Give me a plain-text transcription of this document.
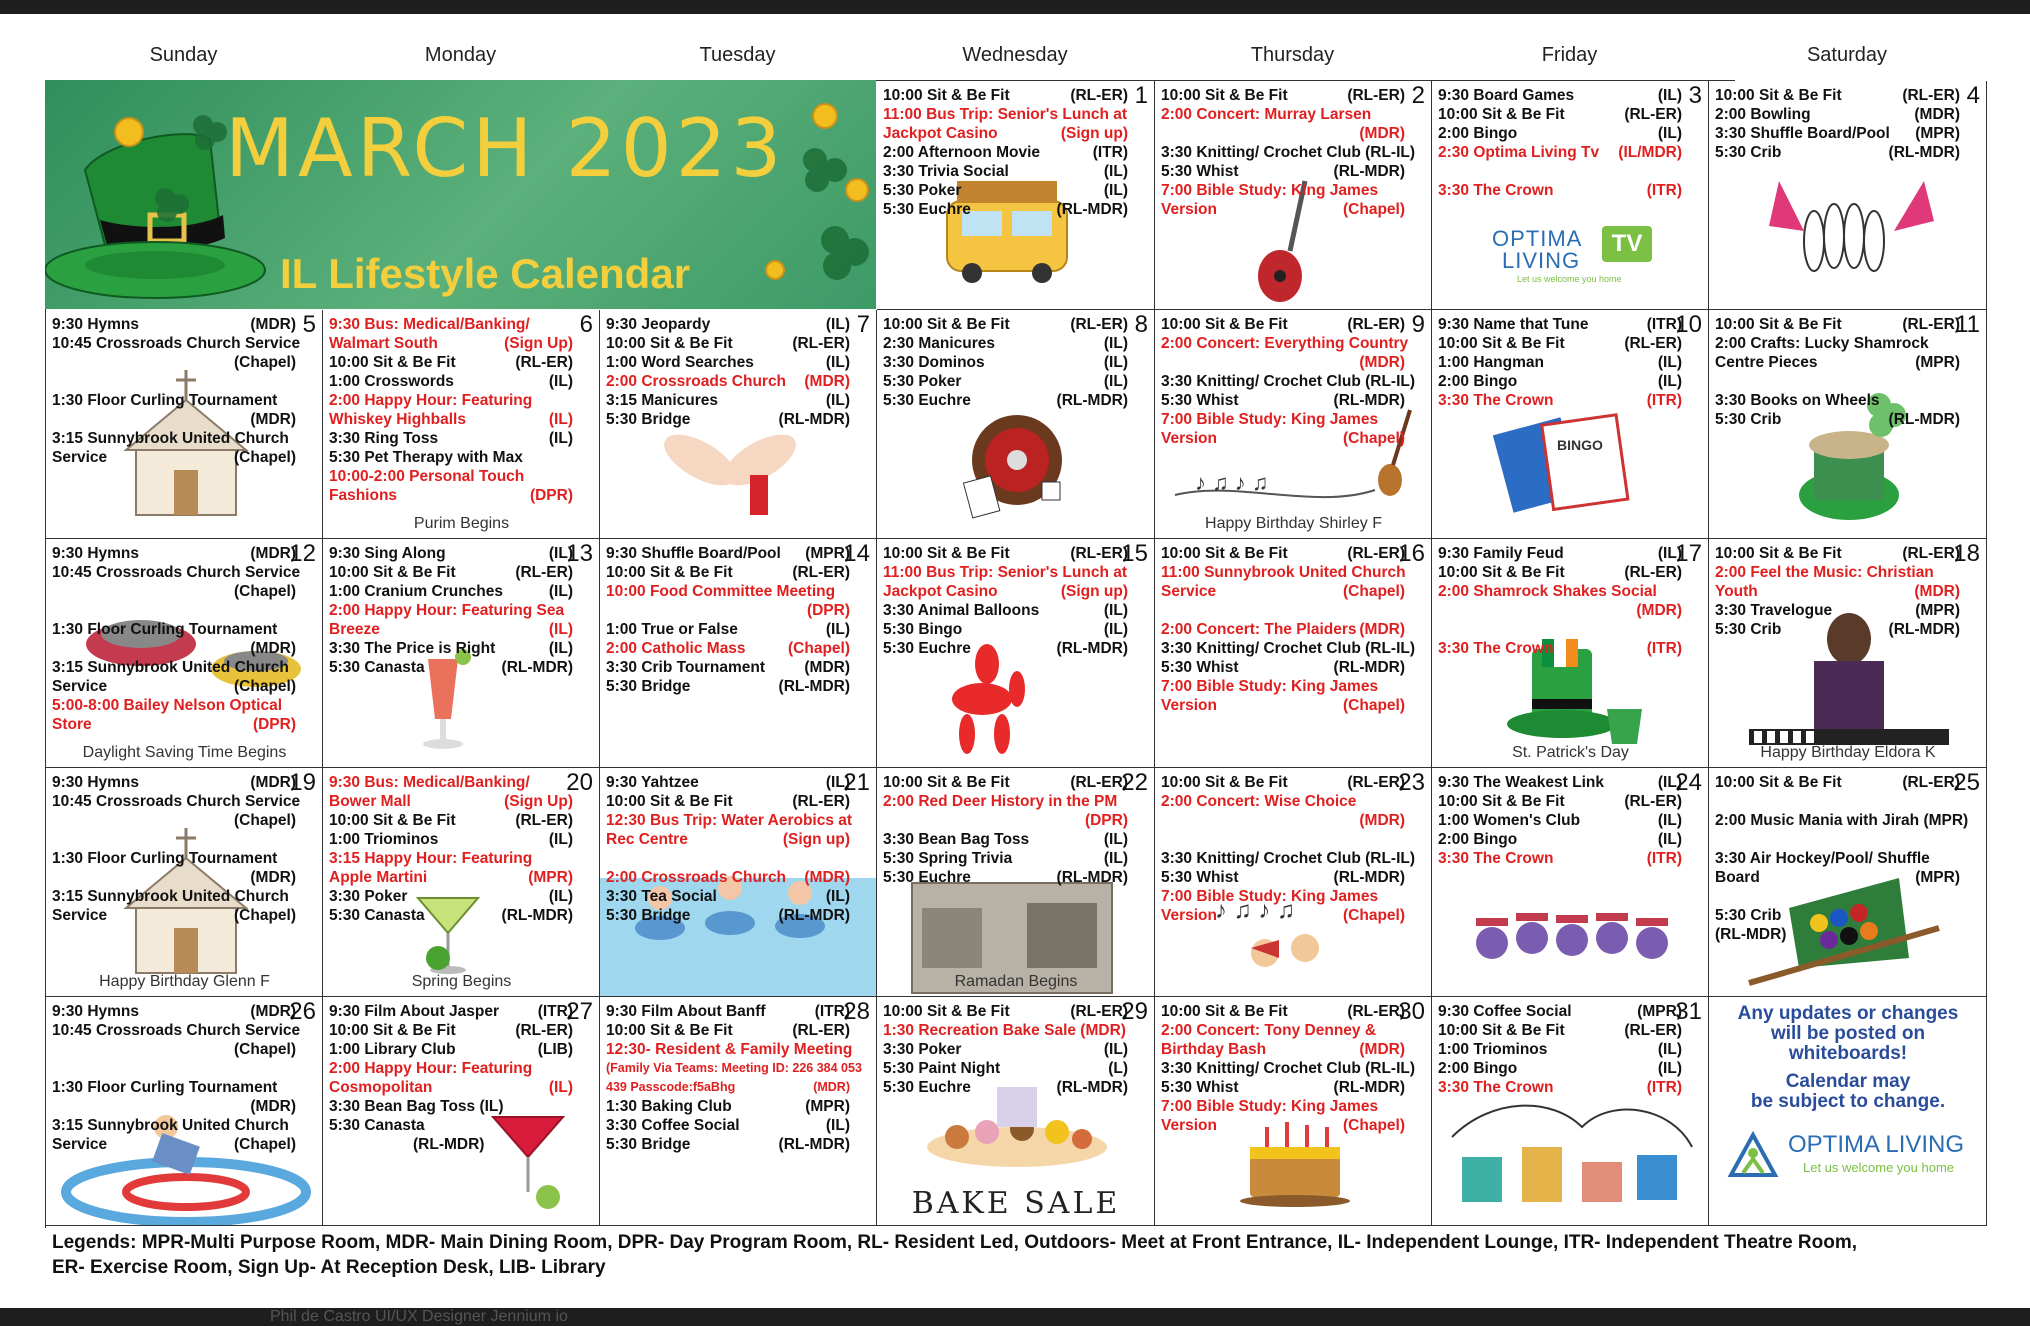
Sunday	Monday	Tuesday	Wednesday	Thursday	Friday	Saturday
1
10:00 Sit & Be Fit	(RL-ER)
11:00 Bus Trip: Senior's Lunch at
Jackpot Casino	(Sign up)
2:00 Afternoon Movie	(ITR)
3:30 Trivia Social	(IL)
5:30 Poker	(IL)
5:30 Euchre	(RL-MDR)
2
10:00 Sit & Be Fit	(RL-ER)
2:00 Concert: Murray Larsen
(MDR)
3:30 Knitting/ Crochet Club (RL-IL)
5:30 Whist	(RL-MDR)
7:00 Bible Study: King James
Version	(Chapel)
3
9:30 Board Games	(IL)
10:00 Sit & Be Fit	(RL-ER)
2:00 Bingo	(IL)
2:30 Optima Living Tv	(IL/MDR)
3:30 The Crown	(ITR)
OPTIMA
LIVING
TV
Let us welcome you home
4
10:00 Sit & Be Fit	(RL-ER)
2:00 Bowling	(MDR)
3:30 Shuffle Board/Pool	(MPR)
5:30 Crib	(RL-MDR)
5
9:30 Hymns	(MDR)
10:45 Crossroads Church Service
(Chapel)
1:30 Floor Curling Tournament
(MDR)
3:15 Sunnybrook United Church
Service	(Chapel)
6
9:30 Bus: Medical/Banking/
Walmart South	(Sign Up)
10:00 Sit & Be Fit	(RL-ER)
1:00 Crosswords	(IL)
2:00 Happy Hour: Featuring
Whiskey Highballs	(IL)
3:30 Ring Toss	(IL)
5:30 Pet Therapy with Max
10:00-2:00 Personal Touch
Fashions	(DPR)
Purim Begins
7
9:30 Jeopardy	(IL)
10:00 Sit & Be Fit	(RL-ER)
1:00 Word Searches	(IL)
2:00 Crossroads Church	(MDR)
3:15 Manicures	(IL)
5:30 Bridge	(RL-MDR)
8
10:00 Sit & Be Fit	(RL-ER)
2:30 Manicures	(IL)
3:30 Dominos	(IL)
5:30 Poker	(IL)
5:30 Euchre	(RL-MDR)
♪ ♫ ♪ ♫
9
10:00 Sit & Be Fit	(RL-ER)
2:00 Concert: Everything Country
(MDR)
3:30 Knitting/ Crochet Club (RL-IL)
5:30 Whist	(RL-MDR)
7:00 Bible Study: King James
Version	(Chapel)
Happy Birthday Shirley F
BINGO
10
9:30 Name that Tune	(ITR)
10:00 Sit & Be Fit	(RL-ER)
1:00 Hangman	(IL)
2:00 Bingo	(IL)
3:30 The Crown	(ITR)
11
10:00 Sit & Be Fit	(RL-ER)
2:00 Crafts: Lucky Shamrock
Centre Pieces	(MPR)
3:30 Books on Wheels
5:30 Crib	(RL-MDR)
12
9:30 Hymns	(MDR)
10:45 Crossroads Church Service
(Chapel)
1:30 Floor Curling Tournament
(MDR)
3:15 Sunnybrook United Church
Service	(Chapel)
5:00-8:00 Bailey Nelson Optical
Store	(DPR)
Daylight Saving Time Begins
13
9:30 Sing Along	(IL)
10:00 Sit & Be Fit	(RL-ER)
1:00 Cranium Crunches	(IL)
2:00 Happy Hour: Featuring Sea
Breeze	(IL)
3:30 The Price is Right	(IL)
5:30 Canasta	(RL-MDR)
14
9:30 Shuffle Board/Pool	(MPR)
10:00 Sit & Be Fit	(RL-ER)
10:00 Food Committee Meeting
(DPR)
1:00 True or False	(IL)
2:00 Catholic Mass	(Chapel)
3:30 Crib Tournament	(MDR)
5:30 Bridge	(RL-MDR)
15
10:00 Sit & Be Fit	(RL-ER)
11:00 Bus Trip: Senior's Lunch at
Jackpot Casino	(Sign up)
3:30 Animal Balloons	(IL)
5:30 Bingo	(IL)
5:30 Euchre	(RL-MDR)
16
10:00 Sit & Be Fit	(RL-ER)
11:00 Sunnybrook United Church
Service	(Chapel)
2:00 Concert: The Plaiders (MDR)
3:30 Knitting/ Crochet Club (RL-IL)
5:30 Whist	(RL-MDR)
7:00 Bible Study: King James
Version	(Chapel)
17
9:30 Family Feud	(IL)
10:00 Sit & Be Fit	(RL-ER)
2:00 Shamrock Shakes Social
(MDR)
3:30 The Crown	(ITR)
St. Patrick's Day
18
10:00 Sit & Be Fit	(RL-ER)
2:00 Feel the Music: Christian
Youth	(MDR)
3:30 Travelogue	(MPR)
5:30 Crib	(RL-MDR)
Happy Birthday Eldora K
19
9:30 Hymns	(MDR)
10:45 Crossroads Church Service
(Chapel)
1:30 Floor Curling Tournament
(MDR)
3:15 Sunnybrook United Church
Service	(Chapel)
Happy Birthday Glenn F
20
9:30 Bus: Medical/Banking/
Bower Mall	(Sign Up)
10:00 Sit & Be Fit	(RL-ER)
1:00 Triominos	(IL)
3:15 Happy Hour: Featuring
Apple Martini	(MPR)
3:30 Poker	(IL)
5:30 Canasta	(RL-MDR)
Spring Begins
21
9:30 Yahtzee	(IL)
10:00 Sit & Be Fit	(RL-ER)
12:30 Bus Trip: Water Aerobics at
Rec Centre	(Sign up)
2:00 Crossroads Church	(MDR)
3:30 Tea Social	(IL)
5:30 Bridge	(RL-MDR)
22
10:00 Sit & Be Fit	(RL-ER)
2:00 Red Deer History in the PM
(DPR)
3:30 Bean Bag Toss	(IL)
5:30 Spring Trivia	(IL)
5:30 Euchre	(RL-MDR)
Ramadan Begins
♪ ♫ ♪ ♫
23
10:00 Sit & Be Fit	(RL-ER)
2:00 Concert: Wise Choice
(MDR)
3:30 Knitting/ Crochet Club (RL-IL)
5:30 Whist	(RL-MDR)
7:00 Bible Study: King James
Version	(Chapel)
24
9:30 The Weakest Link	(IL)
10:00 Sit & Be Fit	(RL-ER)
1:00 Women's Club	(IL)
2:00 Bingo	(IL)
3:30 The Crown	(ITR)
25
10:00 Sit & Be Fit	(RL-ER)
2:00 Music Mania with Jirah (MPR)
3:30 Air Hockey/Pool/ Shuffle
Board	(MPR)
5:30 Crib
(RL-MDR)
26
9:30 Hymns	(MDR)
10:45 Crossroads Church Service
(Chapel)
1:30 Floor Curling Tournament
(MDR)
3:15 Sunnybrook United Church
Service	(Chapel)
27
9:30 Film About Jasper	(ITR)
10:00 Sit & Be Fit	(RL-ER)
1:00 Library Club	(LIB)
2:00 Happy Hour: Featuring
Cosmopolitan	(IL)
3:30 Bean Bag Toss (IL)
5:30 Canasta
(RL-MDR)
28
9:30 Film About Banff	(ITR)
10:00 Sit & Be Fit	(RL-ER)
12:30- Resident & Family Meeting
(Family Via Teams: Meeting ID: 226 384 053
439 Passcode:f5aBhg	(MDR)
1:30 Baking Club	(MPR)
3:30 Coffee Social	(IL)
5:30 Bridge	(RL-MDR)
29
10:00 Sit & Be Fit	(RL-ER)
1:30 Recreation Bake Sale (MDR)
3:30 Poker	(IL)
5:30 Paint Night	(L)
5:30 Euchre	(RL-MDR)
BAKE SALE
30
10:00 Sit & Be Fit	(RL-ER)
2:00 Concert: Tony Denney &
Birthday Bash	(MDR)
3:30 Knitting/ Crochet Club (RL-IL)
5:30 Whist	(RL-MDR)
7:00 Bible Study: King James
Version	(Chapel)
31
9:30 Coffee Social	(MPR)
10:00 Sit & Be Fit	(RL-ER)
1:00 Triominos	(IL)
2:00 Bingo	(IL)
3:30 The Crown	(ITR)
Any updates or changes
will be posted on
whiteboards!
Calendar may
be subject to change.
OPTIMA LIVING
Let us welcome you home
MARCH 2023
IL Lifestyle Calendar
Legends: MPR-Multi Purpose Room, MDR- Main Dining Room, DPR- Day Program Room, RL- Resident Led, Outdoors- Meet at Front Entrance, IL- Independent Lounge, ITR- Independent Theatre Room,
ER- Exercise Room, Sign Up- At Reception Desk, LIB- Library
Phil de Castro UI/UX Designer Jennium io
